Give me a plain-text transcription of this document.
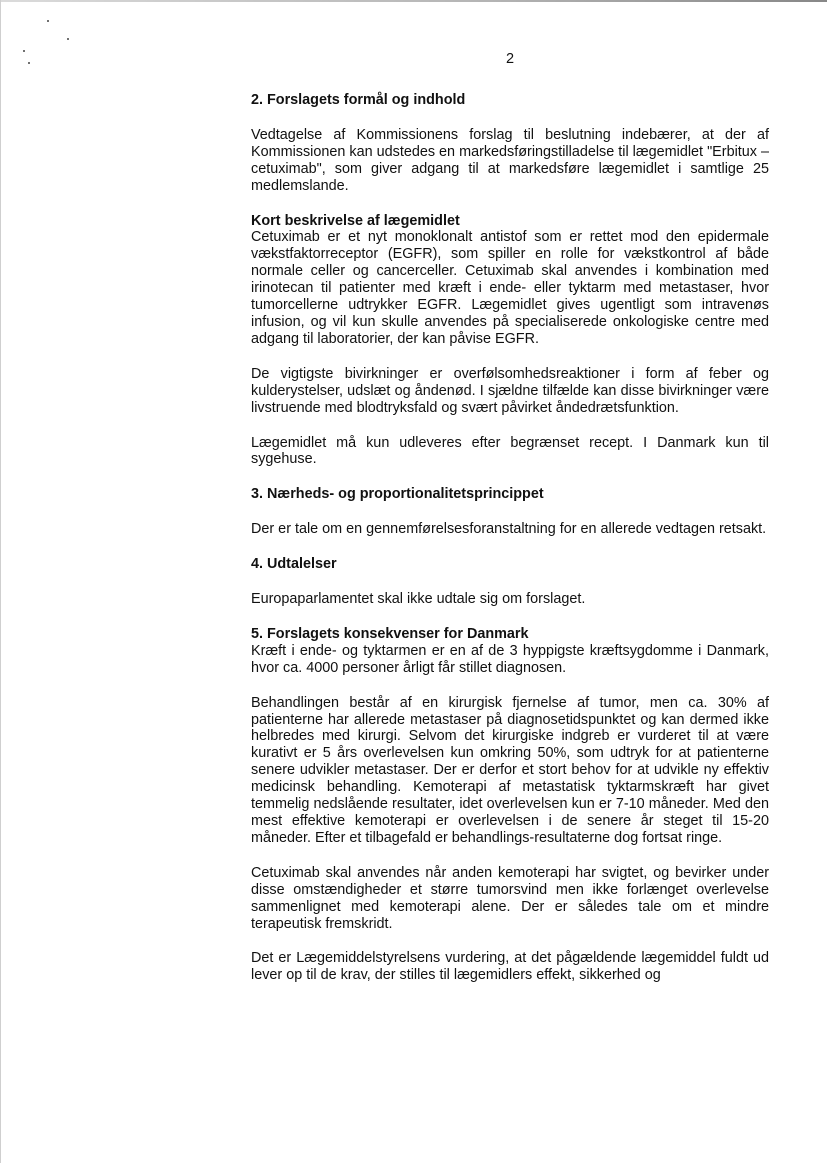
2
2. Forslagets formål og indhold

Vedtagelse af Kommissionens forslag til beslutning indebærer, at der af Kommissionen kan udstedes en markedsføringstilladelse til lægemidlet "Erbitux – cetuximab", som giver adgang til at markedsføre lægemidlet i samtlige 25 medlemslande.

Kort beskrivelse af lægemidlet

Cetuximab er et nyt monoklonalt antistof som er rettet mod den epidermale vækstfaktorreceptor (EGFR), som spiller en rolle for vækstkontrol af både normale celler og cancerceller. Cetuximab skal anvendes i kombination med irinotecan til patienter med kræft i ende- eller tyktarm med metastaser, hvor tumorcellerne udtrykker EGFR. Lægemidlet gives ugentligt som intravenøs infusion, og vil kun skulle anvendes på specialiserede onkologiske centre med adgang til laboratorier, der kan påvise EGFR.

De vigtigste bivirkninger er overfølsomhedsreaktioner i form af feber og kulderystelser, udslæt og åndenød. I sjældne tilfælde kan disse bivirkninger være livstruende med blodtryksfald og svært påvirket åndedrætsfunktion.

Lægemidlet må kun udleveres efter begrænset recept. I Danmark kun til sygehuse.

3. Nærheds- og proportionalitetsprincippet

Der er tale om en gennemførelsesforanstaltning for en allerede vedtagen retsakt.

4. Udtalelser

Europaparlamentet skal ikke udtale sig om forslaget.

5. Forslagets konsekvenser for Danmark

Kræft i ende- og tyktarmen er en af de 3 hyppigste kræftsygdomme i Danmark, hvor ca. 4000 personer årligt får stillet diagnosen.

Behandlingen består af en kirurgisk fjernelse af tumor, men ca. 30% af patienterne har allerede metastaser på diagnosetidspunktet og kan dermed ikke helbredes med kirurgi. Selvom det kirurgiske indgreb er vurderet til at være kurativt er 5 års overlevelsen kun omkring 50%, som udtryk for at patienterne senere udvikler metastaser. Der er derfor et stort behov for at udvikle ny effektiv medicinsk behandling. Kemoterapi af metastatisk tyktarmskræft har givet temmelig nedslående resultater, idet overlevelsen kun er 7-10 måneder. Med den mest effektive kemoterapi er overlevelsen i de senere år steget til 15-20 måneder. Efter et tilbagefald er behandlings-resultaterne dog fortsat ringe.

Cetuximab skal anvendes når anden kemoterapi har svigtet, og bevirker under disse omstændigheder et større tumorsvind men ikke forlænget overlevelse sammenlignet med kemoterapi alene. Der er således tale om et mindre terapeutisk fremskridt.

Det er Lægemiddelstyrelsens vurdering, at det pågældende lægemiddel fuldt ud lever op til de krav, der stilles til lægemidlers effekt, sikkerhed og
